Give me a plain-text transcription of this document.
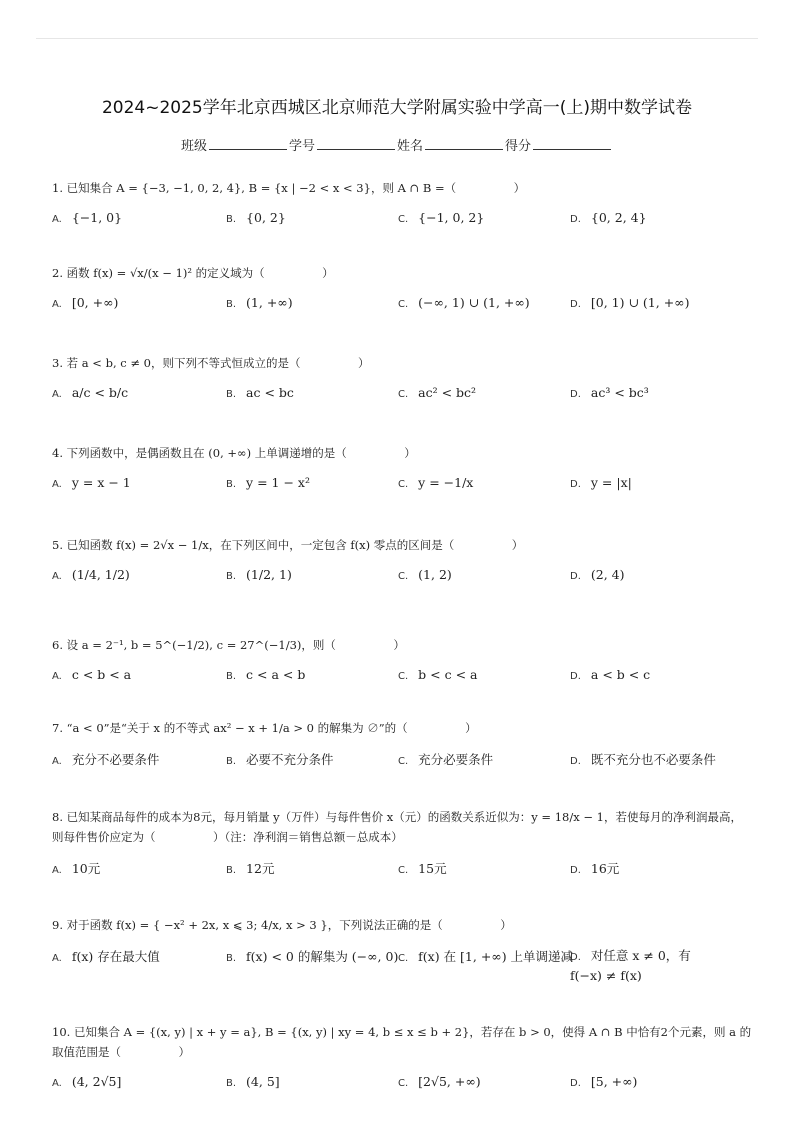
2024~2025学年北京西城区北京师范大学附属实验中学高一(上)期中数学试卷
班级	学号	姓名	得分
1. 已知集合 A = {−3, −1, 0, 2, 4}, B = {x | −2 < x < 3}，则 A ∩ B =（　　　　　）
A. {−1, 0}	B. {0, 2}	C. {−1, 0, 2}	D. {0, 2, 4}
2. 函数 f(x) = √x/(x − 1)² 的定义域为（　　　　　）
A. [0, +∞)	B. (1, +∞)	C. (−∞, 1) ∪ (1, +∞)	D. [0, 1) ∪ (1, +∞)
3. 若 a < b, c ≠ 0，则下列不等式恒成立的是（　　　　　）
A. a/c < b/c	B. ac < bc	C. ac² < bc²	D. ac³ < bc³
4. 下列函数中，是偶函数且在 (0, +∞) 上单调递增的是（　　　　　）
A. y = x − 1	B. y = 1 − x²	C. y = −1/x	D. y = |x|
5. 已知函数 f(x) = 2√x − 1/x，在下列区间中，一定包含 f(x) 零点的区间是（　　　　　）
A. (1/4, 1/2)	B. (1/2, 1)	C. (1, 2)	D. (2, 4)
6. 设 a = 2⁻¹, b = 5^(−1/2), c = 27^(−1/3)，则（　　　　　）
A. c < b < a	B. c < a < b	C. b < c < a	D. a < b < c
7. “a < 0”是“关于 x 的不等式 ax² − x + 1/a > 0 的解集为 ∅”的（　　　　　）
A. 充分不必要条件	B. 必要不充分条件	C. 充分必要条件	D. 既不充分也不必要条件
8. 已知某商品每件的成本为8元，每月销量 y（万件）与每件售价 x（元）的函数关系近似为：y = 18/x − 1，若使每月的净利润最高，则每件售价应定为（　　　　　）（注：净利润＝销售总额－总成本）
A. 10元	B. 12元	C. 15元	D. 16元
9. 对于函数 f(x) = { −x² + 2x, x ⩽ 3; 4/x, x > 3 }，下列说法正确的是（　　　　　）
A. f(x) 存在最大值	B. f(x) < 0 的解集为 (−∞, 0) C. f(x) 在 [1, +∞) 上单调递减
D. 对任意 x ≠ 0，有 f(−x) ≠ f(x)
10. 已知集合 A = {(x, y) | x + y = a}, B = {(x, y) | xy = 4, b ≤ x ≤ b + 2}，若存在 b > 0，使得 A ∩ B 中恰有2个元素，则 a 的取值范围是（　　　　　）
A. (4, 2√5]	B. (4, 5]	C. [2√5, +∞)	D. [5, +∞)
